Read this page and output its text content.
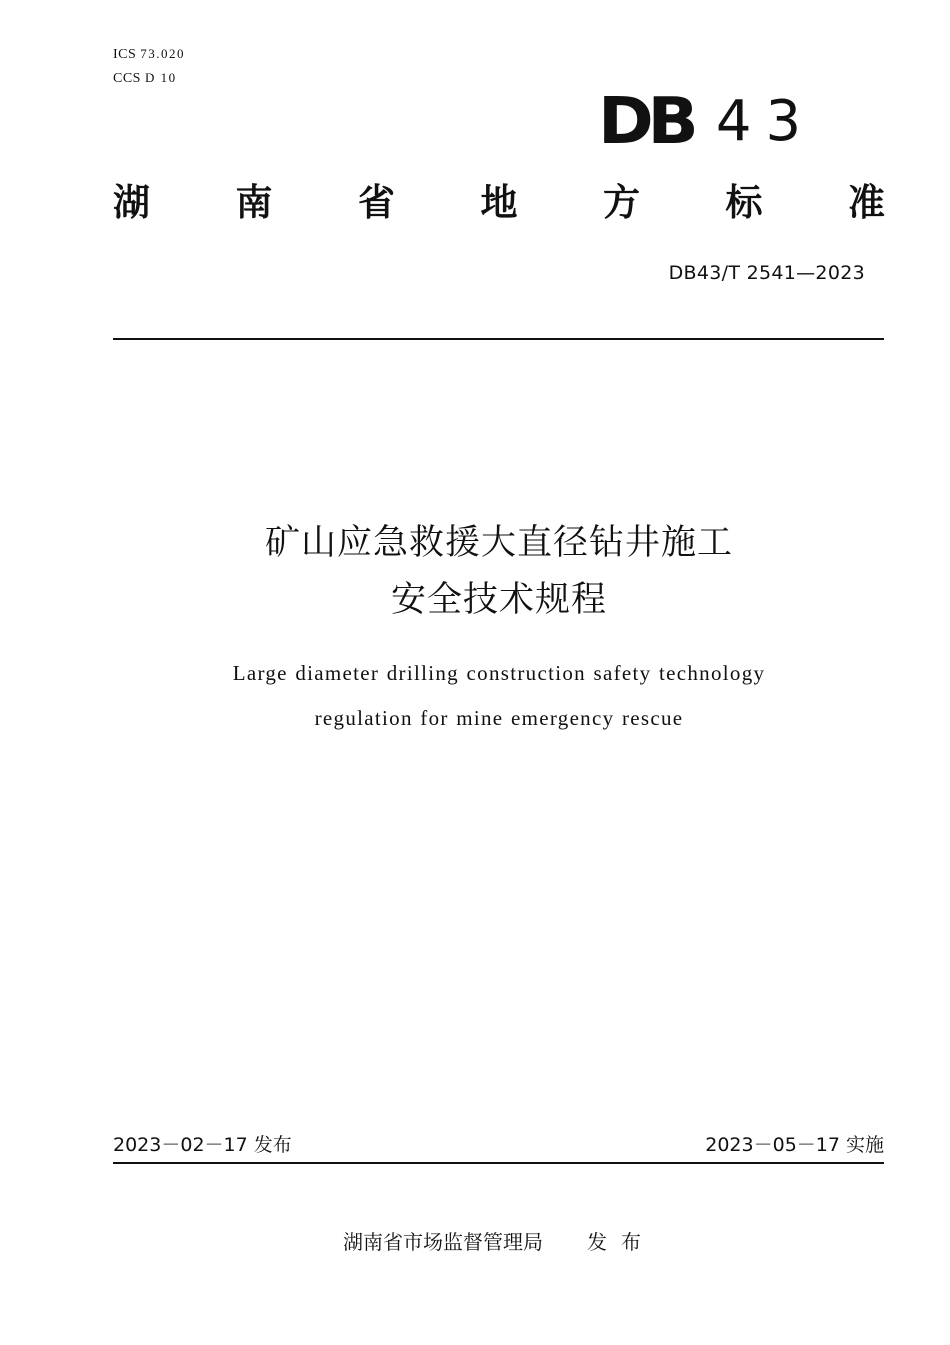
ICS 73.020
CCS D 10
DB 43
湖 南 省 地 方 标 准
DB43/T 2541—2023
矿山应急救援大直径钻井施工
安全技术规程
Large diameter drilling construction safety technology
regulation for mine emergency rescue
2023－02－17 发布	2023－05－17 实施
湖南省市场监督管理局 发布
